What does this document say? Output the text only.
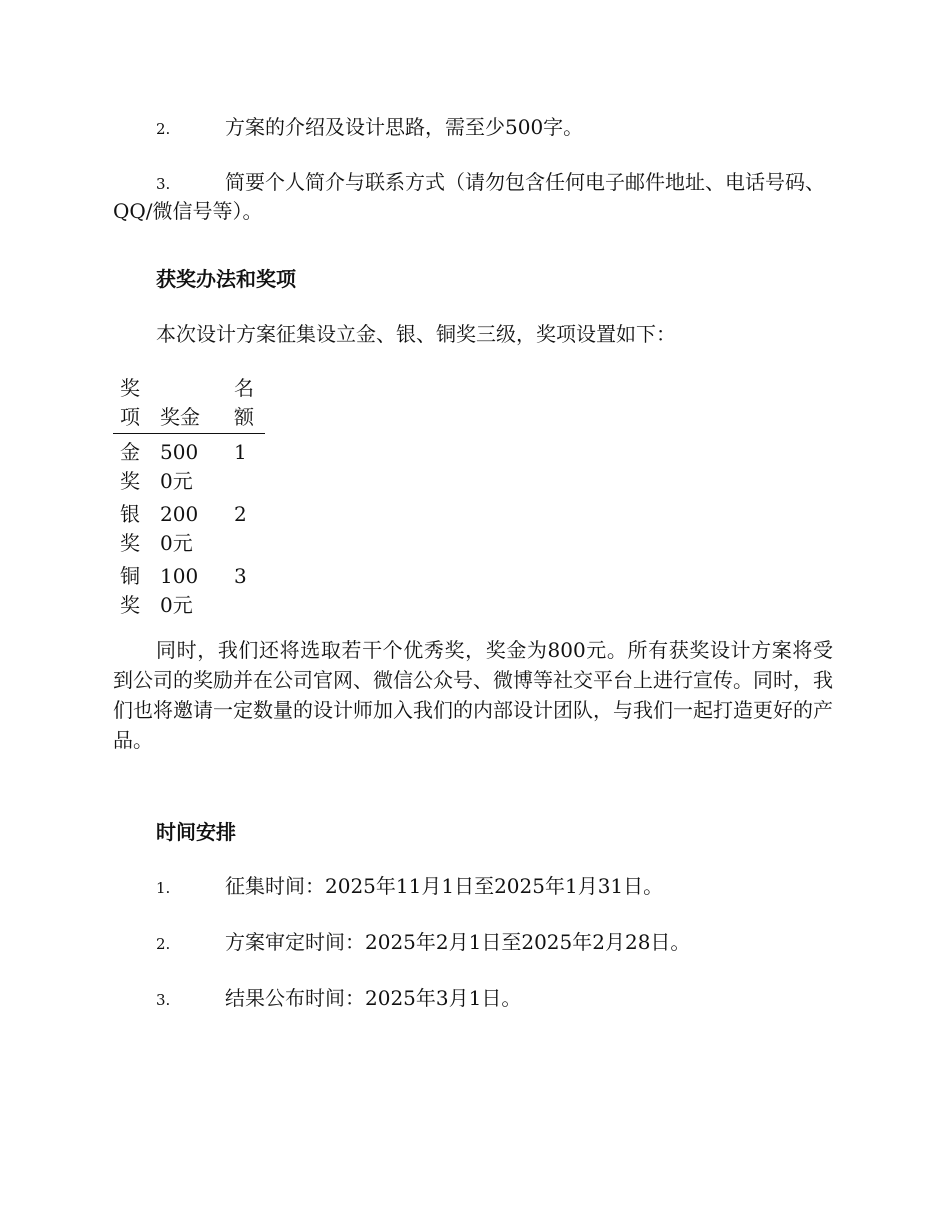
2.	方案的介绍及设计思路，需至少500字。
3.	简要个人简介与联系方式（请勿包含任何电子邮件地址、电话号码、QQ/微信号等）。
获奖办法和奖项
本次设计方案征集设立金、银、铜奖三级，奖项设置如下：
奖项	奖金	名额

金奖	5000元	1

银奖	2000元	2

铜奖	1000元	3
同时，我们还将选取若干个优秀奖，奖金为800元。所有获奖设计方案将受到公司的奖励并在公司官网、微信公众号、微博等社交平台上进行宣传。同时，我们也将邀请一定数量的设计师加入我们的内部设计团队，与我们一起打造更好的产品。
时间安排
1.	征集时间：2025年11月1日至2025年1月31日。
2.	方案审定时间：2025年2月1日至2025年2月28日。
3.	结果公布时间：2025年3月1日。
